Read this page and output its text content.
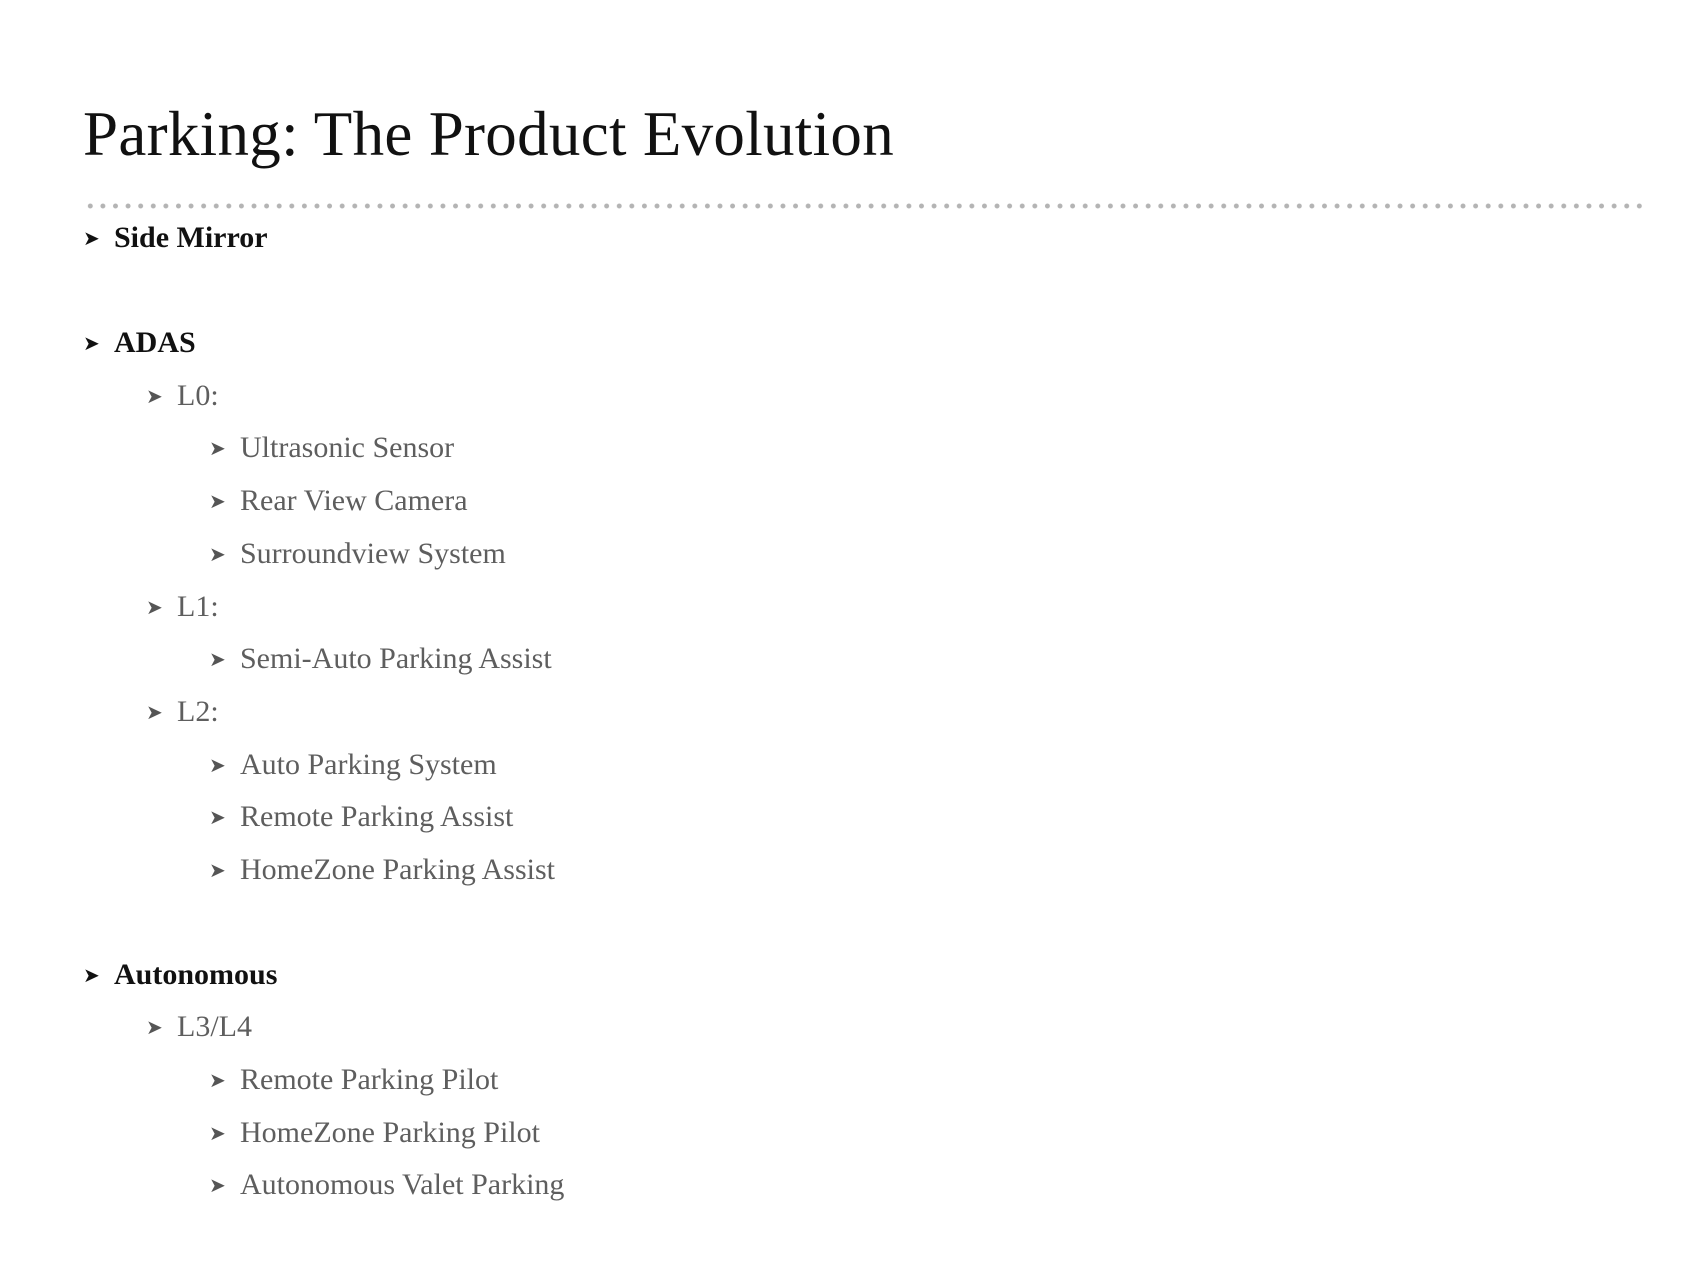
Parking: The Product Evolution
➤ Side Mirror
➤ ADAS
➤ L0:
➤ Ultrasonic Sensor
➤ Rear View Camera
➤ Surroundview System
➤ L1:
➤ Semi-Auto Parking Assist
➤ L2:
➤ Auto Parking System
➤ Remote Parking Assist
➤ HomeZone Parking Assist
➤ Autonomous
➤ L3/L4
➤ Remote Parking Pilot
➤ HomeZone Parking Pilot
➤ Autonomous Valet Parking
